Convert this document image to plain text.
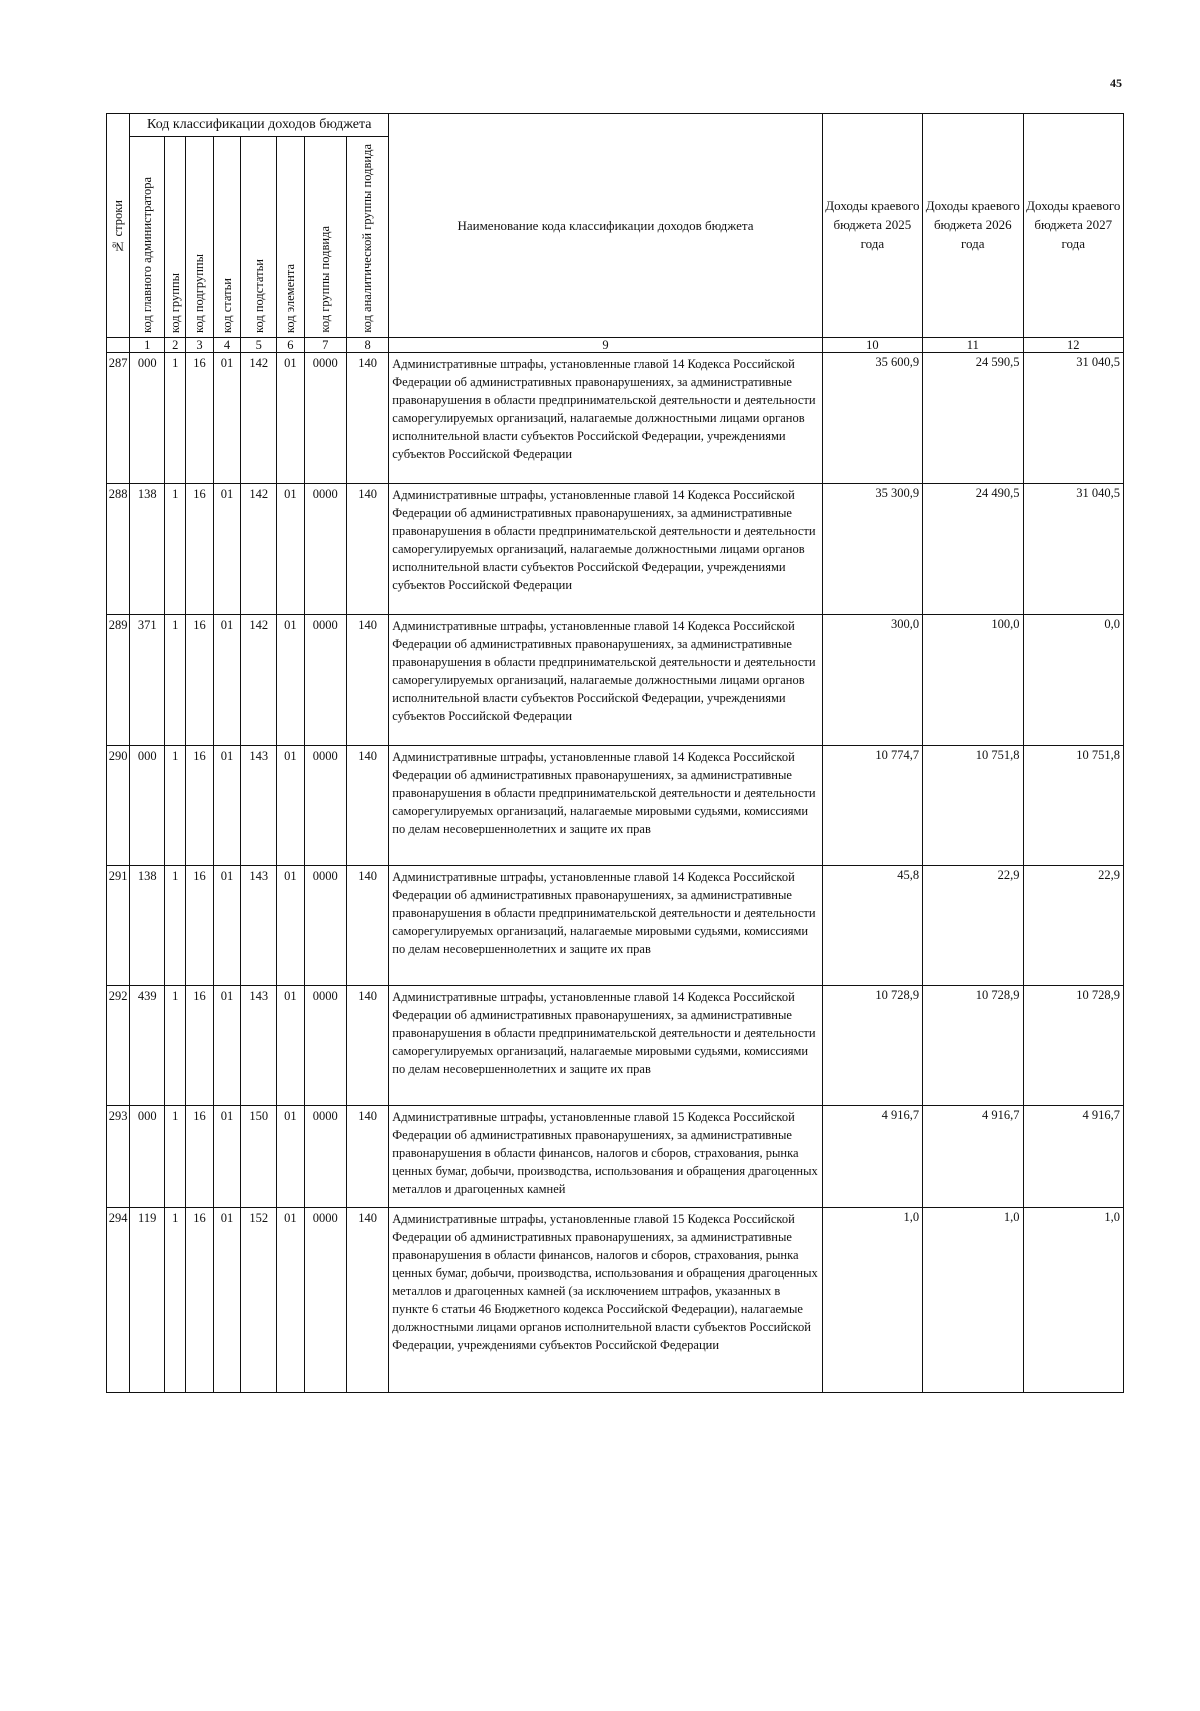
45
№ строки	Код классификации доходов бюджета								Наименование кода классификации доходов бюджета	Доходы краевого бюджета 2025 года	Доходы краевого бюджета 2026 года	Доходы краевого бюджета 2027 года

	код главного администратора	код группы	код подгруппы	код статьи	код подстатьи	код элемента	код группы подвида	код аналитической группы подвида				

	1	2	3	4	5	6	7	8	9	10	11	12
287	000	1	16	01	142	01	0000	140	Административные штрафы, установленные главой 14 Кодекса Российской Федерации об административных правонарушениях, за административные правонарушения в области предпринимательской деятельности и деятельности саморегулируемых организаций, налагаемые должностными лицами органов исполнительной власти субъектов Российской Федерации, учреждениями субъектов Российской Федерации	35 600,9	24 590,5	31 040,5
288	138	1	16	01	142	01	0000	140	Административные штрафы, установленные главой 14 Кодекса Российской Федерации об административных правонарушениях, за административные правонарушения в области предпринимательской деятельности и деятельности саморегулируемых организаций, налагаемые должностными лицами органов исполнительной власти субъектов Российской Федерации, учреждениями субъектов Российской Федерации	35 300,9	24 490,5	31 040,5
289	371	1	16	01	142	01	0000	140	Административные штрафы, установленные главой 14 Кодекса Российской Федерации об административных правонарушениях, за административные правонарушения в области предпринимательской деятельности и деятельности саморегулируемых организаций, налагаемые должностными лицами органов исполнительной власти субъектов Российской Федерации, учреждениями субъектов Российской Федерации	300,0	100,0	0,0
290	000	1	16	01	143	01	0000	140	Административные штрафы, установленные главой 14 Кодекса Российской Федерации об административных правонарушениях, за административные правонарушения в области предпринимательской деятельности и деятельности саморегулируемых организаций, налагаемые мировыми судьями, комиссиями по делам несовершеннолетних и защите их прав	10 774,7	10 751,8	10 751,8
291	138	1	16	01	143	01	0000	140	Административные штрафы, установленные главой 14 Кодекса Российской Федерации об административных правонарушениях, за административные правонарушения в области предпринимательской деятельности и деятельности саморегулируемых организаций, налагаемые мировыми судьями, комиссиями по делам несовершеннолетних и защите их прав	45,8	22,9	22,9
292	439	1	16	01	143	01	0000	140	Административные штрафы, установленные главой 14 Кодекса Российской Федерации об административных правонарушениях, за административные правонарушения в области предпринимательской деятельности и деятельности саморегулируемых организаций, налагаемые мировыми судьями, комиссиями по делам несовершеннолетних и защите их прав	10 728,9	10 728,9	10 728,9
293	000	1	16	01	150	01	0000	140	Административные штрафы, установленные главой 15 Кодекса Российской Федерации об административных правонарушениях, за административные правонарушения в области финансов, налогов и сборов, страхования, рынка ценных бумаг, добычи, производства, использования и обращения драгоценных металлов и драгоценных камней	4 916,7	4 916,7	4 916,7
294	119	1	16	01	152	01	0000	140	Административные штрафы, установленные главой 15 Кодекса Российской Федерации об административных правонарушениях, за административные правонарушения в области финансов, налогов и сборов, страхования, рынка ценных бумаг, добычи, производства, использования и обращения драгоценных металлов и драгоценных камней (за исключением штрафов, указанных в пункте 6 статьи 46 Бюджетного кодекса Российской Федерации), налагаемые должностными лицами органов исполнительной власти субъектов Российской Федерации, учреждениями субъектов Российской Федерации	1,0	1,0	1,0
